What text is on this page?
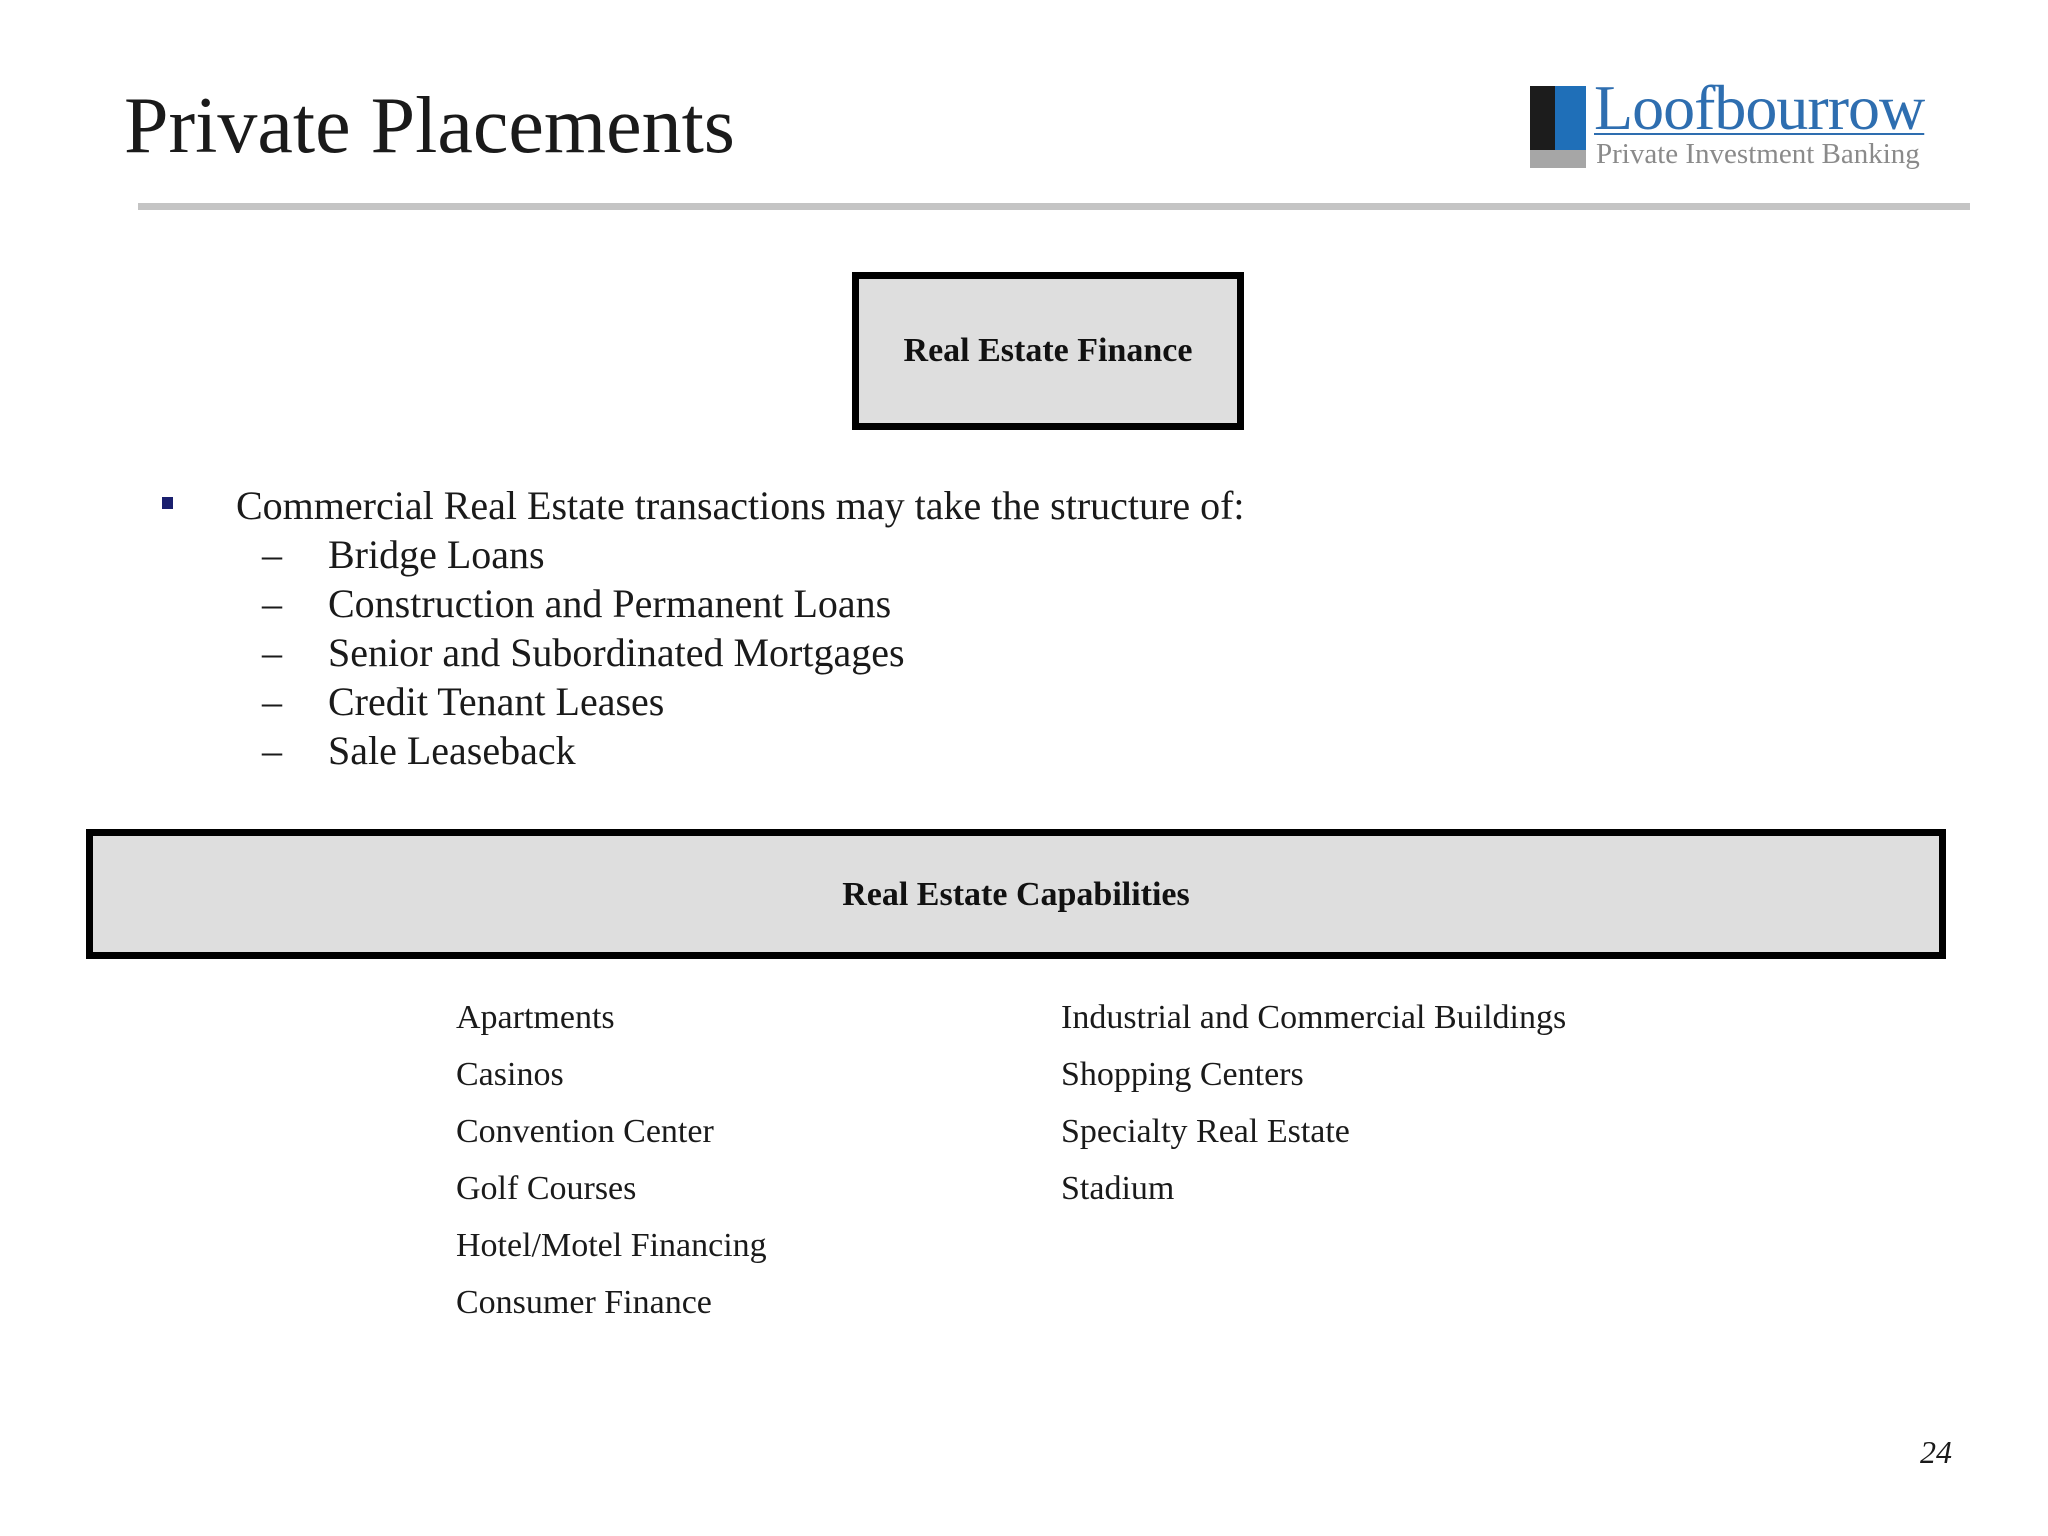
Private Placements	Loofbourrow
Private Investment Banking
Real Estate Finance
Commercial Real Estate transactions may take the structure of:
– Bridge Loans
– Construction and Permanent Loans
– Senior and Subordinated Mortgages
– Credit Tenant Leases
– Sale Leaseback
Real Estate Capabilities
Apartments
Casinos
Convention Center
Golf Courses
Hotel/Motel Financing
Consumer Finance
Industrial and Commercial Buildings
Shopping Centers
Specialty Real Estate
Stadium
24
